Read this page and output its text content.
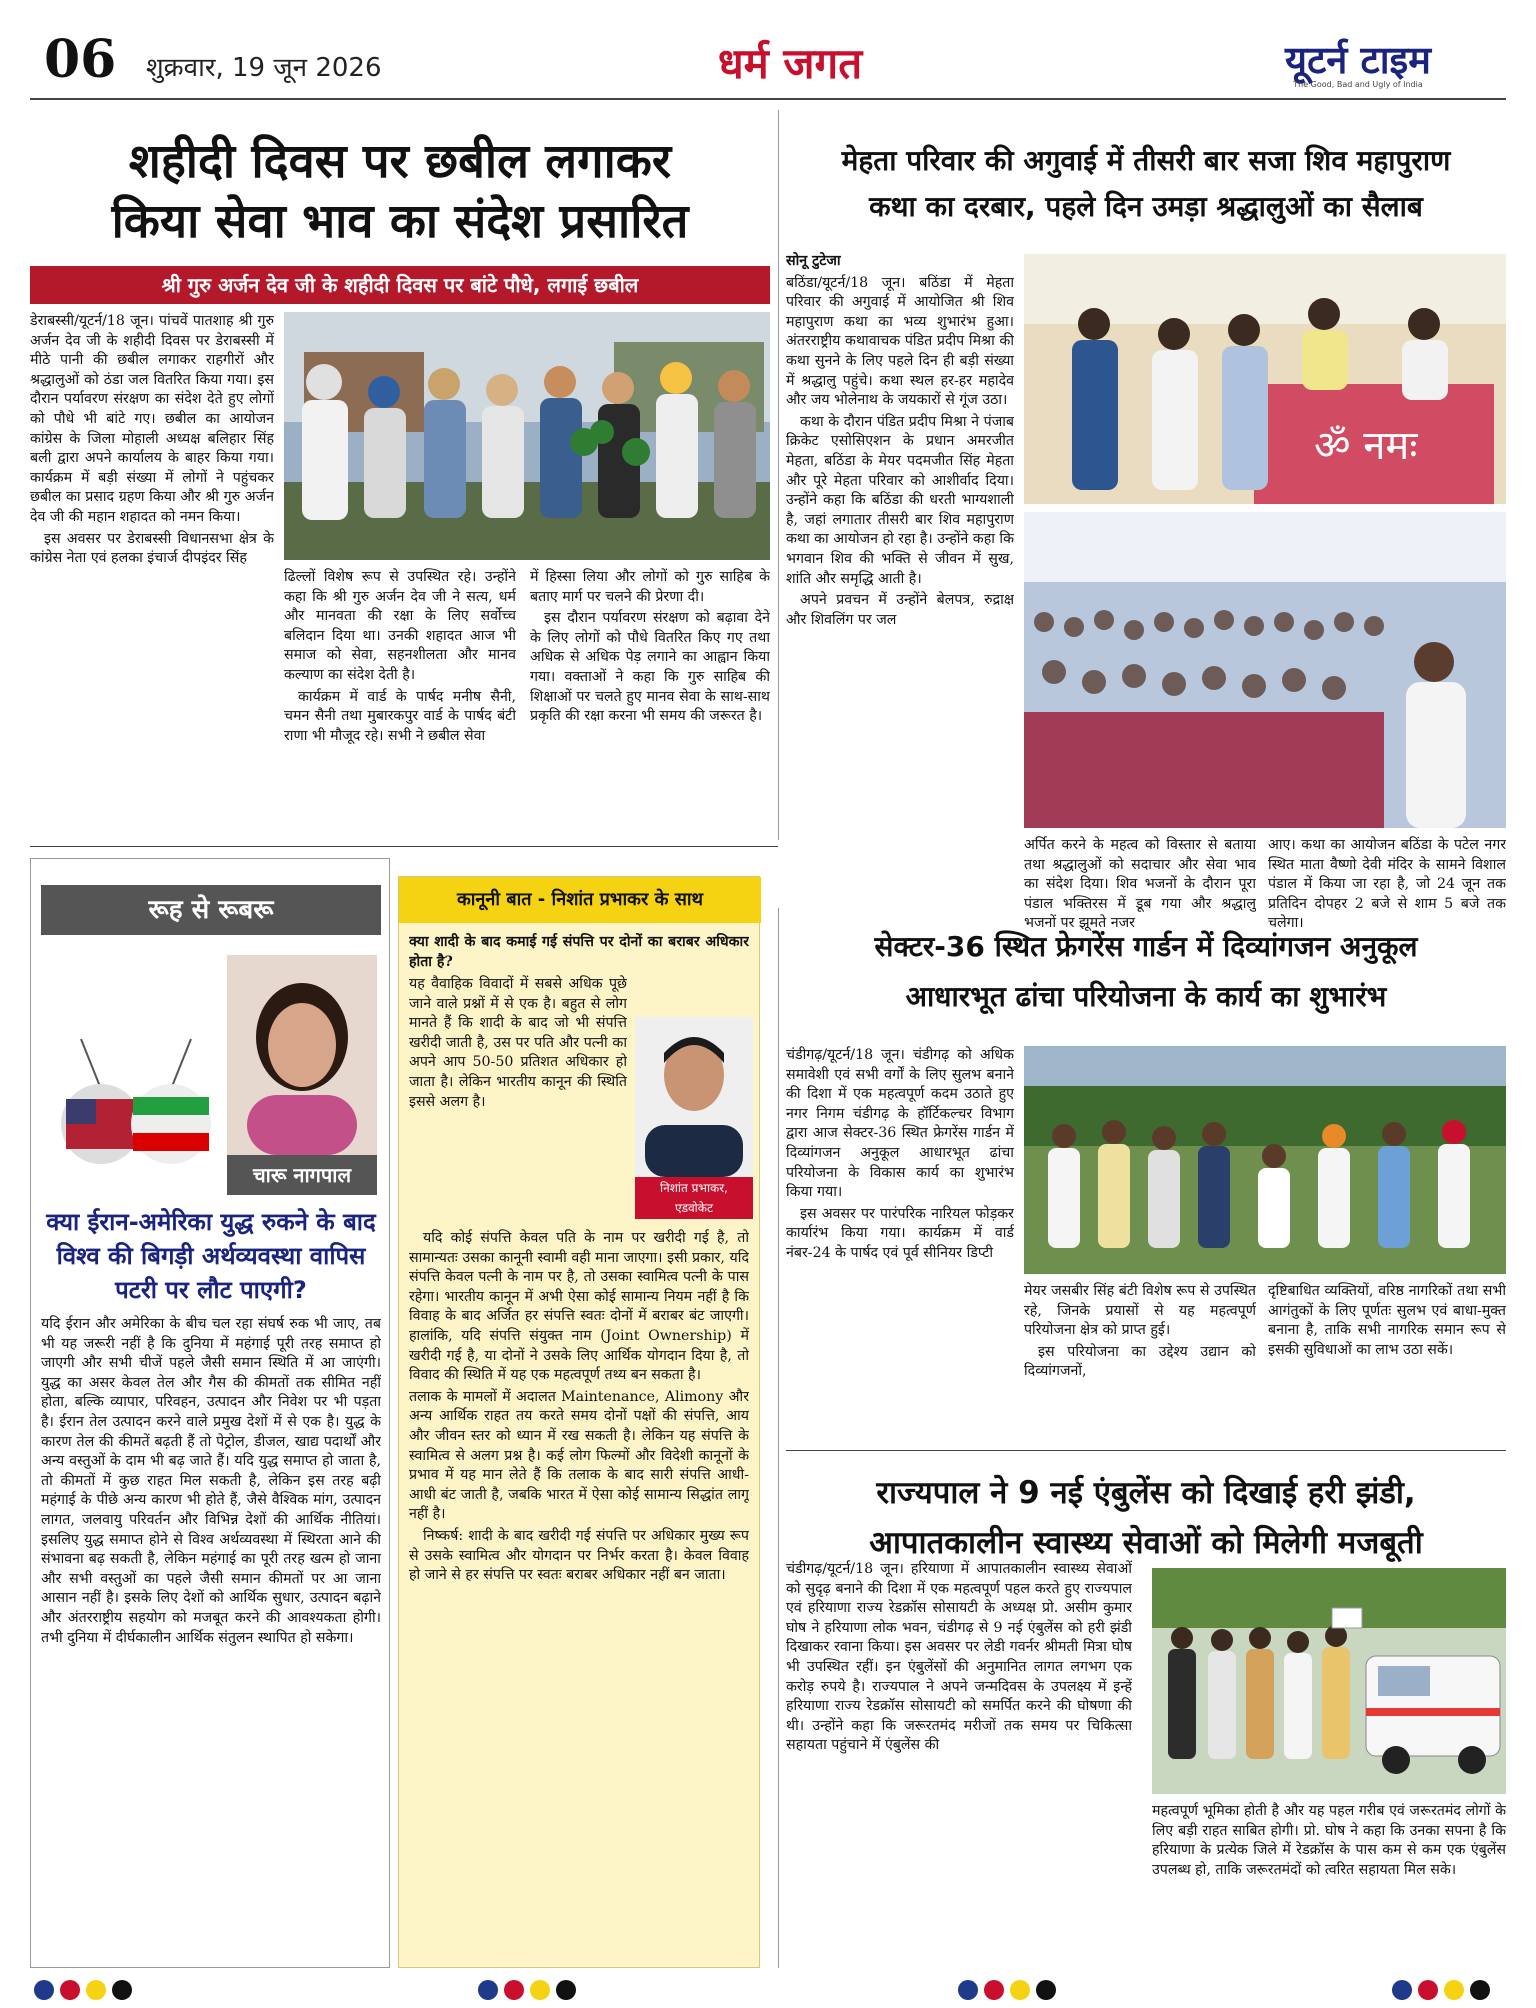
06 शुक्रवार, 19 जून 2026	धर्म जगत	यूटर्न टाइम
The Good, Bad and Ugly of India
शहीदी दिवस पर छबील लगाकर
किया सेवा भाव का संदेश प्रसारित
श्री गुरु अर्जन देव जी के शहीदी दिवस पर बांटे पौधे, लगाई छबील

डेराबस्सी/यूटर्न/18 जून। पांचवें पातशाह श्री गुरु अर्जन देव जी के शहीदी दिवस पर डेराबस्सी में मीठे पानी की छबील लगाकर राहगीरों और श्रद्धालुओं को ठंडा जल वितरित किया गया। इस दौरान पर्यावरण संरक्षण का संदेश देते हुए लोगों को पौधे भी बांटे गए। छबील का आयोजन कांग्रेस के जिला मोहाली अध्यक्ष बलिहार सिंह बली द्वारा अपने कार्यालय के बाहर किया गया। कार्यक्रम में बड़ी संख्या में लोगों ने पहुंचकर छबील का प्रसाद ग्रहण किया और श्री गुरु अर्जन देव जी की महान शहादत को नमन किया।

इस अवसर पर डेराबस्सी विधानसभा क्षेत्र के कांग्रेस नेता एवं हलका इंचार्ज दीपइंदर सिंह

ढिल्लों विशेष रूप से उपस्थित रहे। उन्होंने कहा कि श्री गुरु अर्जन देव जी ने सत्य, धर्म और मानवता की रक्षा के लिए सर्वोच्च बलिदान दिया था। उनकी शहादत आज भी समाज को सेवा, सहनशीलता और मानव कल्याण का संदेश देती है।

कार्यक्रम में वार्ड के पार्षद मनीष सैनी, चमन सैनी तथा मुबारकपुर वार्ड के पार्षद बंटी राणा भी मौजूद रहे। सभी ने छबील सेवा

में हिस्सा लिया और लोगों को गुरु साहिब के बताए मार्ग पर चलने की प्रेरणा दी।

इस दौरान पर्यावरण संरक्षण को बढ़ावा देने के लिए लोगों को पौधे वितरित किए गए तथा अधिक से अधिक पेड़ लगाने का आह्वान किया गया। वक्ताओं ने कहा कि गुरु साहिब की शिक्षाओं पर चलते हुए मानव सेवा के साथ-साथ प्रकृति की रक्षा करना भी समय की जरूरत है।

मेहता परिवार की अगुवाई में तीसरी बार सजा शिव महापुराण
कथा का दरबार, पहले दिन उमड़ा श्रद्धालुओं का सैलाब

सोनू टुटेजा

बठिंडा/यूटर्न/18 जून। बठिंडा में मेहता परिवार की अगुवाई में आयोजित श्री शिव महापुराण कथा का भव्य शुभारंभ हुआ। अंतरराष्ट्रीय कथावाचक पंडित प्रदीप मिश्रा की कथा सुनने के लिए पहले दिन ही बड़ी संख्या में श्रद्धालु पहुंचे। कथा स्थल हर-हर महादेव और जय भोलेनाथ के जयकारों से गूंज उठा।

कथा के दौरान पंडित प्रदीप मिश्रा ने पंजाब क्रिकेट एसोसिएशन के प्रधान अमरजीत मेहता, बठिंडा के मेयर पदमजीत सिंह मेहता और पूरे मेहता परिवार को आशीर्वाद दिया। उन्होंने कहा कि बठिंडा की धरती भाग्यशाली है, जहां लगातार तीसरी बार शिव महापुराण कथा का आयोजन हो रहा है। उन्होंने कहा कि भगवान शिव की भक्ति से जीवन में सुख, शांति और समृद्धि आती है।

अपने प्रवचन में उन्होंने बेलपत्र, रुद्राक्ष और शिवलिंग पर जल

ॐ नमः

अर्पित करने के महत्व को विस्तार से बताया तथा श्रद्धालुओं को सदाचार और सेवा भाव का संदेश दिया। शिव भजनों के दौरान पूरा पंडाल भक्तिरस में डूब गया और श्रद्धालु भजनों पर झूमते नजर

आए। कथा का आयोजन बठिंडा के पटेल नगर स्थित माता वैष्णो देवी मंदिर के सामने विशाल पंडाल में किया जा रहा है, जो 24 जून तक प्रतिदिन दोपहर 2 बजे से शाम 5 बजे तक चलेगा।

रूह से रूबरू
चारू नागपाल
क्या ईरान-अमेरिका युद्ध रुकने के बाद विश्व की बिगड़ी अर्थव्यवस्था वापिस पटरी पर लौट पाएगी?

यदि ईरान और अमेरिका के बीच चल रहा संघर्ष रुक भी जाए, तब भी यह जरूरी नहीं है कि दुनिया में महंगाई पूरी तरह समाप्त हो जाएगी और सभी चीजें पहले जैसी समान स्थिति में आ जाएंगी। युद्ध का असर केवल तेल और गैस की कीमतों तक सीमित नहीं होता, बल्कि व्यापार, परिवहन, उत्पादन और निवेश पर भी पड़ता है। ईरान तेल उत्पादन करने वाले प्रमुख देशों में से एक है। युद्ध के कारण तेल की कीमतें बढ़ती हैं तो पेट्रोल, डीजल, खाद्य पदार्थों और अन्य वस्तुओं के दाम भी बढ़ जाते हैं। यदि युद्ध समाप्त हो जाता है, तो कीमतों में कुछ राहत मिल सकती है, लेकिन इस तरह बढ़ी महंगाई के पीछे अन्य कारण भी होते हैं, जैसे वैश्विक मांग, उत्पादन लागत, जलवायु परिवर्तन और विभिन्न देशों की आर्थिक नीतियां। इसलिए युद्ध समाप्त होने से विश्व अर्थव्यवस्था में स्थिरता आने की संभावना बढ़ सकती है, लेकिन महंगाई का पूरी तरह खत्म हो जाना और सभी वस्तुओं का पहले जैसी समान कीमतों पर आ जाना आसान नहीं है। इसके लिए देशों को आर्थिक सुधार, उत्पादन बढ़ाने और अंतरराष्ट्रीय सहयोग को मजबूत करने की आवश्यकता होगी। तभी दुनिया में दीर्घकालीन आर्थिक संतुलन स्थापित हो सकेगा।

कानूनी बात - निशांत प्रभाकर के साथ
निशांत प्रभाकर,
एडवोकेट

क्या शादी के बाद कमाई गई संपत्ति पर दोनों का बराबर अधिकार होता है?

यह वैवाहिक विवादों में सबसे अधिक पूछे जाने वाले प्रश्नों में से एक है। बहुत से लोग मानते हैं कि शादी के बाद जो भी संपत्ति खरीदी जाती है, उस पर पति और पत्नी का अपने आप 50-50 प्रतिशत अधिकार हो जाता है। लेकिन भारतीय कानून की स्थिति इससे अलग है।

यदि कोई संपत्ति केवल पति के नाम पर खरीदी गई है, तो सामान्यतः उसका कानूनी स्वामी वही माना जाएगा। इसी प्रकार, यदि संपत्ति केवल पत्नी के नाम पर है, तो उसका स्वामित्व पत्नी के पास रहेगा। भारतीय कानून में अभी ऐसा कोई सामान्य नियम नहीं है कि विवाह के बाद अर्जित हर संपत्ति स्वतः दोनों में बराबर बंट जाएगी। हालांकि, यदि संपत्ति संयुक्त नाम (Joint Ownership) में खरीदी गई है, या दोनों ने उसके लिए आर्थिक योगदान दिया है, तो विवाद की स्थिति में यह एक महत्वपूर्ण तथ्य बन सकता है।

तलाक के मामलों में अदालत Maintenance, Alimony और अन्य आर्थिक राहत तय करते समय दोनों पक्षों की संपत्ति, आय और जीवन स्तर को ध्यान में रख सकती है। लेकिन यह संपत्ति के स्वामित्व से अलग प्रश्न है। कई लोग फिल्मों और विदेशी कानूनों के प्रभाव में यह मान लेते हैं कि तलाक के बाद सारी संपत्ति आधी-आधी बंट जाती है, जबकि भारत में ऐसा कोई सामान्य सिद्धांत लागू नहीं है।

निष्कर्ष: शादी के बाद खरीदी गई संपत्ति पर अधिकार मुख्य रूप से उसके स्वामित्व और योगदान पर निर्भर करता है। केवल विवाह हो जाने से हर संपत्ति पर स्वतः बराबर अधिकार नहीं बन जाता।

सेक्टर-36 स्थित फ्रेगरेंस गार्डन में दिव्यांगजन अनुकूल
आधारभूत ढांचा परियोजना के कार्य का शुभारंभ

चंडीगढ़/यूटर्न/18 जून। चंडीगढ़ को अधिक समावेशी एवं सभी वर्गों के लिए सुलभ बनाने की दिशा में एक महत्वपूर्ण कदम उठाते हुए नगर निगम चंडीगढ़ के हॉर्टिकल्चर विभाग द्वारा आज सेक्टर-36 स्थित फ्रेगरेंस गार्डन में दिव्यांगजन अनुकूल आधारभूत ढांचा परियोजना के विकास कार्य का शुभारंभ किया गया।

इस अवसर पर पारंपरिक नारियल फोड़कर कार्यारंभ किया गया। कार्यक्रम में वार्ड नंबर-24 के पार्षद एवं पूर्व सीनियर डिप्टी

मेयर जसबीर सिंह बंटी विशेष रूप से उपस्थित रहे, जिनके प्रयासों से यह महत्वपूर्ण परियोजना क्षेत्र को प्राप्त हुई।

इस परियोजना का उद्देश्य उद्यान को दिव्यांगजनों,

दृष्टिबाधित व्यक्तियों, वरिष्ठ नागरिकों तथा सभी आगंतुकों के लिए पूर्णतः सुलभ एवं बाधा-मुक्त बनाना है, ताकि सभी नागरिक समान रूप से इसकी सुविधाओं का लाभ उठा सकें।

राज्यपाल ने 9 नई एंबुलेंस को दिखाई हरी झंडी,
आपातकालीन स्वास्थ्य सेवाओं को मिलेगी मजबूती

चंडीगढ़/यूटर्न/18 जून। हरियाणा में आपातकालीन स्वास्थ्य सेवाओं को सुदृढ़ बनाने की दिशा में एक महत्वपूर्ण पहल करते हुए राज्यपाल एवं हरियाणा राज्य रेडक्रॉस सोसायटी के अध्यक्ष प्रो. असीम कुमार घोष ने हरियाणा लोक भवन, चंडीगढ़ से 9 नई एंबुलेंस को हरी झंडी दिखाकर रवाना किया। इस अवसर पर लेडी गवर्नर श्रीमती मित्रा घोष भी उपस्थित रहीं। इन एंबुलेंसों की अनुमानित लागत लगभग एक करोड़ रुपये है। राज्यपाल ने अपने जन्मदिवस के उपलक्ष्य में इन्हें हरियाणा राज्य रेडक्रॉस सोसायटी को समर्पित करने की घोषणा की थी। उन्होंने कहा कि जरूरतमंद मरीजों तक समय पर चिकित्सा सहायता पहुंचाने में एंबुलेंस की

महत्वपूर्ण भूमिका होती है और यह पहल गरीब एवं जरूरतमंद लोगों के लिए बड़ी राहत साबित होगी। प्रो. घोष ने कहा कि उनका सपना है कि हरियाणा के प्रत्येक जिले में रेडक्रॉस के पास कम से कम एक एंबुलेंस उपलब्ध हो, ताकि जरूरतमंदों को त्वरित सहायता मिल सके।
